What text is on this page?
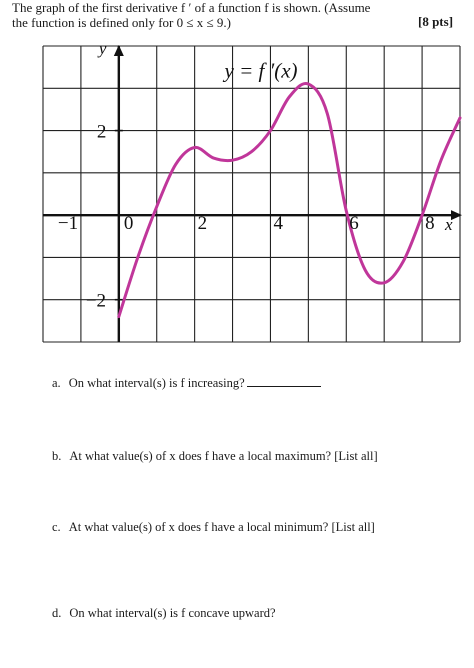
The graph of the first derivative f ′ of a function f is shown. (Assume the function is defined only for 0 ≤ x ≤ 9.)	[8 pts]
−1 0	2	4	6	8
2
−2
y
x
y = f ′(x)
a. On what interval(s) is f increasing?
b. At what value(s) of x does f have a local maximum? [List all]
c. At what value(s) of x does f have a local minimum? [List all]
d. On what interval(s) is f concave upward?
